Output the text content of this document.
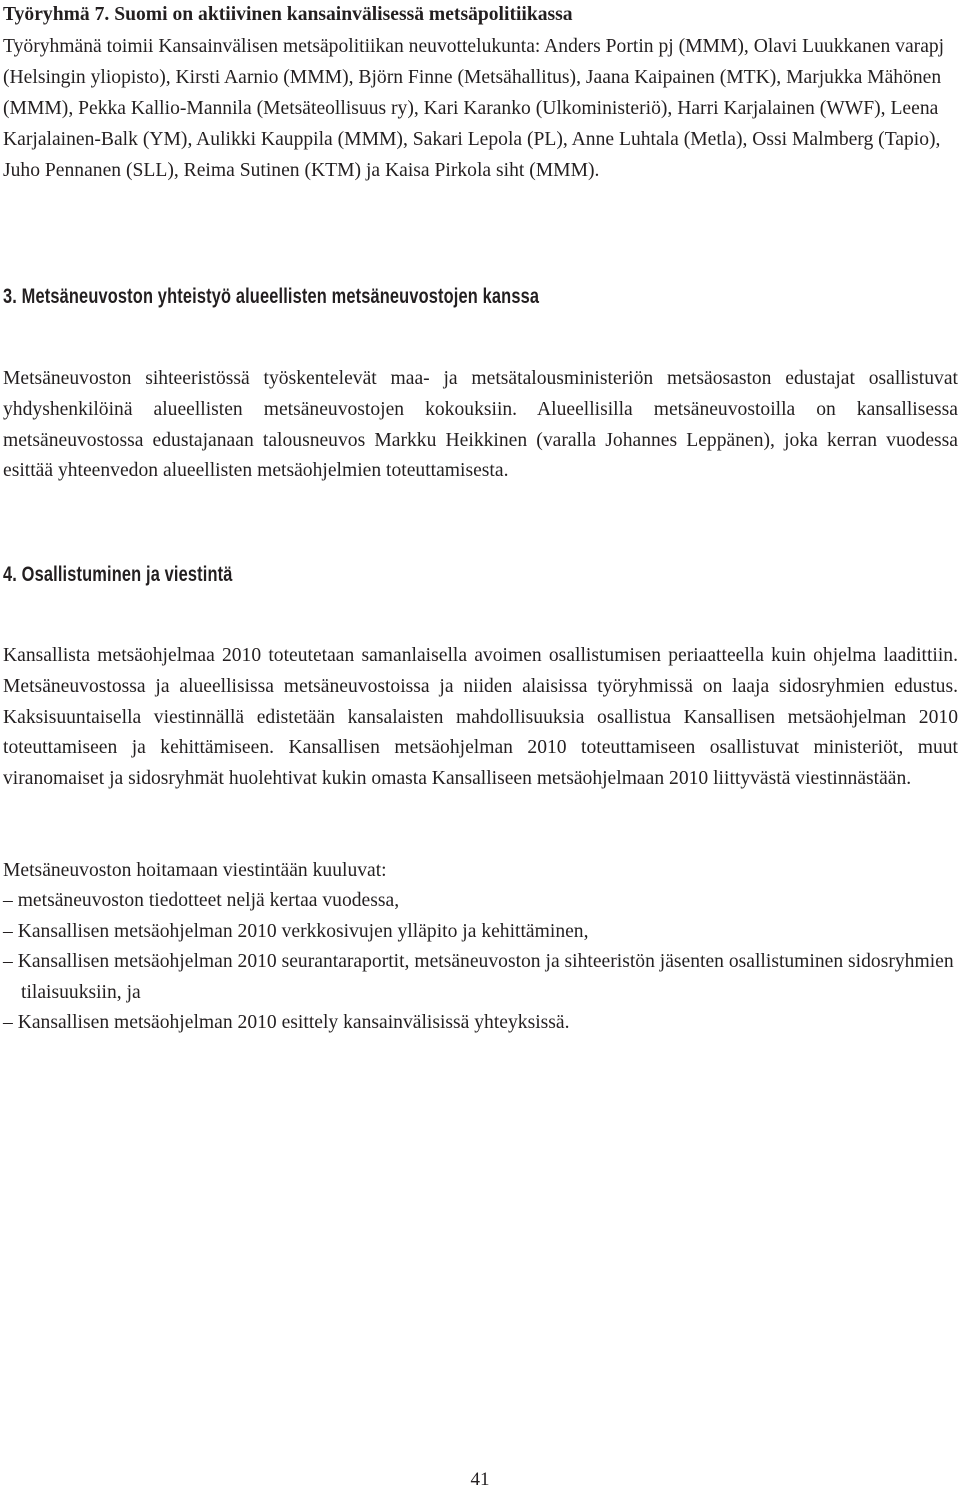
Työryhmä 7. Suomi on aktiivinen kansainvälisessä metsäpolitiikassa

Työryhmänä toimii Kansainvälisen metsäpolitiikan neuvottelukunta: Anders Portin pj (MMM), Olavi Luukkanen varapj (Helsingin yliopisto), Kirsti Aarnio (MMM), Björn Finne (Metsähallitus), Jaana Kaipainen (MTK), Marjukka Mähönen (MMM), Pekka Kallio-Mannila (Metsäteollisuus ry), Kari Karanko (Ulkoministeriö), Harri Karjalainen (WWF), Leena Karjalainen-Balk (YM), Aulikki Kauppila (MMM), Sakari Lepola (PL), Anne Luhtala (Metla), Ossi Malmberg (Tapio), Juho Pennanen (SLL), Reima Sutinen (KTM) ja Kaisa Pirkola siht (MMM).

3. Metsäneuvoston yhteistyö alueellisten metsäneuvostojen kanssa

Metsäneuvoston sihteeristössä työskentelevät maa- ja metsätalousministeriön metsäosaston edustajat osallistuvat yhdyshenkilöinä alueellisten metsäneuvostojen kokouksiin. Alueellisilla metsäneuvostoilla on kansallisessa metsäneuvostossa edustajanaan talousneuvos Markku Heikkinen (varalla Johannes Leppänen), joka kerran vuodessa esittää yhteenvedon alueellisten metsäohjelmien toteuttamisesta.

4. Osallistuminen ja viestintä

Kansallista metsäohjelmaa 2010 toteutetaan samanlaisella avoimen osallistumisen periaatteella kuin ohjelma laadittiin. Metsäneuvostossa ja alueellisissa metsäneuvostoissa ja niiden alaisissa työryhmissä on laaja sidosryhmien edustus. Kaksisuuntaisella viestinnällä edistetään kansalaisten mahdollisuuksia osallistua Kansallisen metsäohjelman 2010 toteuttamiseen ja kehittämiseen. Kansallisen metsäohjelman 2010 toteuttamiseen osallistuvat ministeriöt, muut viranomaiset ja sidosryhmät huolehtivat kukin omasta Kansalliseen metsäohjelmaan 2010 liittyvästä viestinnästään.

Metsäneuvoston hoitamaan viestintään kuuluvat:

– metsäneuvoston tiedotteet neljä kertaa vuodessa,
– Kansallisen metsäohjelman 2010 verkkosivujen ylläpito ja kehittäminen,
– Kansallisen metsäohjelman 2010 seurantaraportit, metsäneuvoston ja sihteeristön jäsenten osallistuminen sidosryhmien tilaisuuksiin, ja
– Kansallisen metsäohjelman 2010 esittely kansainvälisissä yhteyksissä.
41
